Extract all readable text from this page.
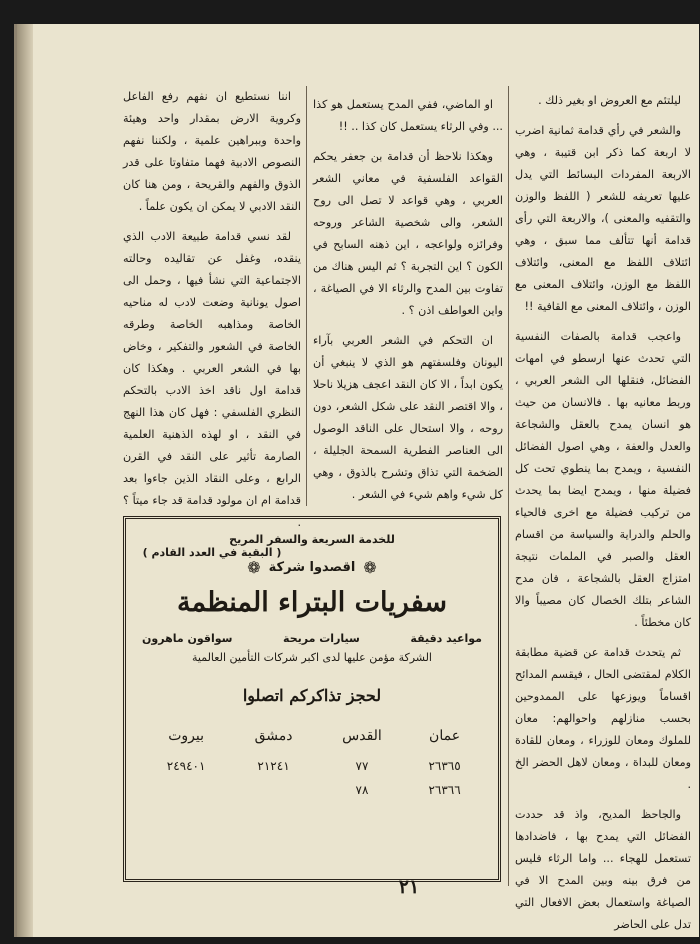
ليلتئم مع العروض او بغير ذلك .

والشعر في رأي قدامة ثمانية اضرب لا اربعة كما ذكر ابن قتيبة ، وهي الاربعة المفردات البسائط التي يدل عليها تعريفه للشعر ( اللفظ والوزن والتقفيه والمعنى )، والاربعة التي رأى قدامة أنها تتألف مما سبق ، وهي ائتلاف اللفظ مع المعنى، وائتلاف اللفظ مع الوزن، وائتلاف المعنى مع الوزن ، وائتلاف المعنى مع القافية !!

واعجب قدامة بالصفات النفسية التي تحدث عنها ارسطو في امهات الفضائل، فنقلها الى الشعر العربي ، وربط معانيه بها . فالانسان من حيث هو انسان يمدح بالعقل والشجاعة والعدل والعفة ، وهي اصول الفضائل النفسية ، ويمدح بما ينطوي تحت كل فضيلة منها ، ويمدح ايضا بما يحدث من تركيب فضيلة مع اخرى فالحياء والحلم والدراية والسياسة من اقسام العقل والصبر في الملمات نتيجة امتزاج العقل بالشجاعة ، فان مدح الشاعر بتلك الخصال كان مصيباً والا كان مخطئاً .

ثم يتحدث قدامة عن قضية مطابقة الكلام لمقتضى الحال ، فيقسم المدائح اقساماً ويوزعها على الممدوحين بحسب منازلهم واحوالهم: معان للملوك ومعان للوزراء ، ومعان للقادة ومعان للبداة ، ومعان لاهل الحضر الخ .

والجاحظ المديح، واذ قد حددت الفضائل التي يمدح بها ، فاضدادها تستعمل للهجاء ... واما الرثاء فليس من فرق بينه وبين المدح الا في الصياغة واستعمال بعض الافعال التي تدل على الحاضر

او الماضي، ففي المدح يستعمل هو كذا ... وفي الرثاء يستعمل كان كذا .. !!

وهكذا نلاحظ أن قدامة بن جعفر يحكم القواعد الفلسفية في معاني الشعر العربي ، وهي قواعد لا تصل الى روح الشعر، والى شخصية الشاعر وروحه وفرائزه ولواعجه ، اين ذهنه السابح في الكون ؟ اين التجربة ؟ ثم اليس هناك من تفاوت بين المدح والرثاء الا في الصياغة ، واين العواطف اذن ؟ .

ان التحكم في الشعر العربي بآراء اليونان وفلسفتهم هو الذي لا ينبغي أن يكون ابداً ، الا كان النقد اعجف هزيلا ناحلا ، والا اقتصر النقد على شكل الشعر، دون روحه ، والا استحال على الناقد الوصول الى العناصر الفطرية السمحة الجليلة ، الضخمة التي تذاق وتشرح بالذوق ، وهي كل شيء واهم شيء في الشعر .

اننا نستطيع ان نفهم رفع الفاعل وكروية الارض بمقدار واحد وهيئة واحدة وببراهين علمية ، ولكننا نفهم النصوص الادبية فهما متفاوتا على قدر الذوق والفهم والقريحة ، ومن هنا كان النقد الادبي لا يمكن ان يكون علماً .

لقد نسي قدامة طبيعة الادب الذي ينقده، وغفل عن تقاليده وحالته الاجتماعية التي نشأ فيها ، وحمل الى اصول يونانية وضعت لادب له مناحيه الخاصة ومذاهبه الخاصة وطرقه الخاصة في الشعور والتفكير ، وخاض بها في الشعر العربي . وهكذا كان قدامة اول ناقد اخذ الادب بالتحكم النظري الفلسفي : فهل كان هذا النهج في النقد ، او لهذه الذهنية العلمية الصارمة تأثير على النقد في القرن الرابع ، وعلى النقاد الذين جاءوا بعد قدامة ام ان مولود قدامة قد جاء ميتاً ؟ .

( البقية في العدد القادم )
للخدمة السريعة والسفر المريح
❁
اقصدوا شركة
❁
سفريات البتراء المنظمة
مواعيد دقيقة
سيارات مريحة
سواقون ماهرون
الشركة مؤمن عليها لدى اكبر شركات التأمين العالمية
لحجز تذاكركم اتصلوا
عمان	القدس	دمشق	بيروت
٢٦٣٦٥	٧٧	٢١٢٤١	٢٤٩٤٠١
٢٦٣٦٦	٧٨		
٢١
